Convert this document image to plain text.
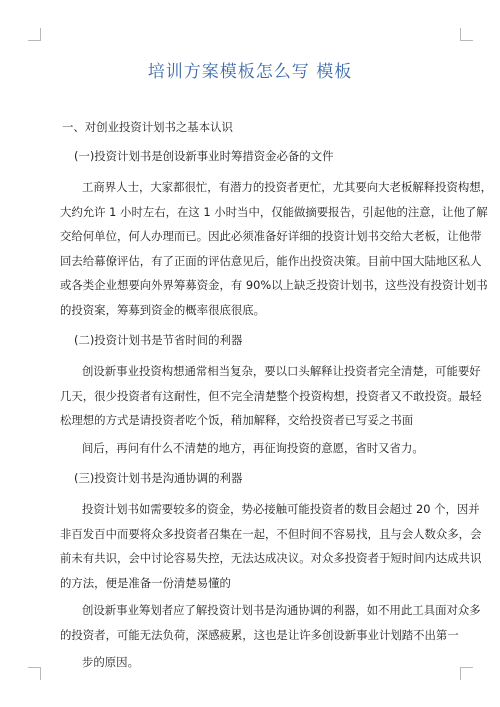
培训方案模板怎么写 模板
一、对创业投资计划书之基本认识
(一)投资计划书是创设新事业时筹措资金必备的文件
工商界人士，大家都很忙，有潜力的投资者更忙，尤其要向大老板解释投资构想，
大约允许 1 小时左右，在这 1 小时当中，仅能做摘要报告，引起他的注意，让他了解
交给何单位，何人办理而已。因此必须准备好详细的投资计划书交给大老板，让他带
回去给幕僚评估，有了正面的评估意见后，能作出投资决策。目前中国大陆地区私人
或各类企业想要向外界筹募资金，有 90%以上缺乏投资计划书，这些没有投资计划书
的投资案，筹募到资金的概率很底很底。
(二)投资计划书是节省时间的利器
创设新事业投资构想通常相当复杂，要以口头解释让投资者完全清楚，可能要好
几天，很少投资者有这耐性，但不完全清楚整个投资构想，投资者又不敢投资。最轻
松理想的方式是请投资者吃个饭，稍加解释，交给投资者已写妥之书面
间后，再问有什么不清楚的地方，再征询投资的意愿，省时又省力。
(三)投资计划书是沟通协调的利器
投资计划书如需要较多的资金，势必接触可能投资者的数目会超过 20 个，因并
非百发百中而要将众多投资者召集在一起，不但时间不容易找，且与会人数众多，会
前未有共识，会中讨论容易失控，无法达成决议。对众多投资者于短时间内达成共识
的方法，便是准备一份清楚易懂的
创设新事业筹划者应了解投资计划书是沟通协调的利器，如不用此工具面对众多
的投资者，可能无法负荷，深感疲累，这也是让许多创设新事业计划踏不出第一
步的原因。
